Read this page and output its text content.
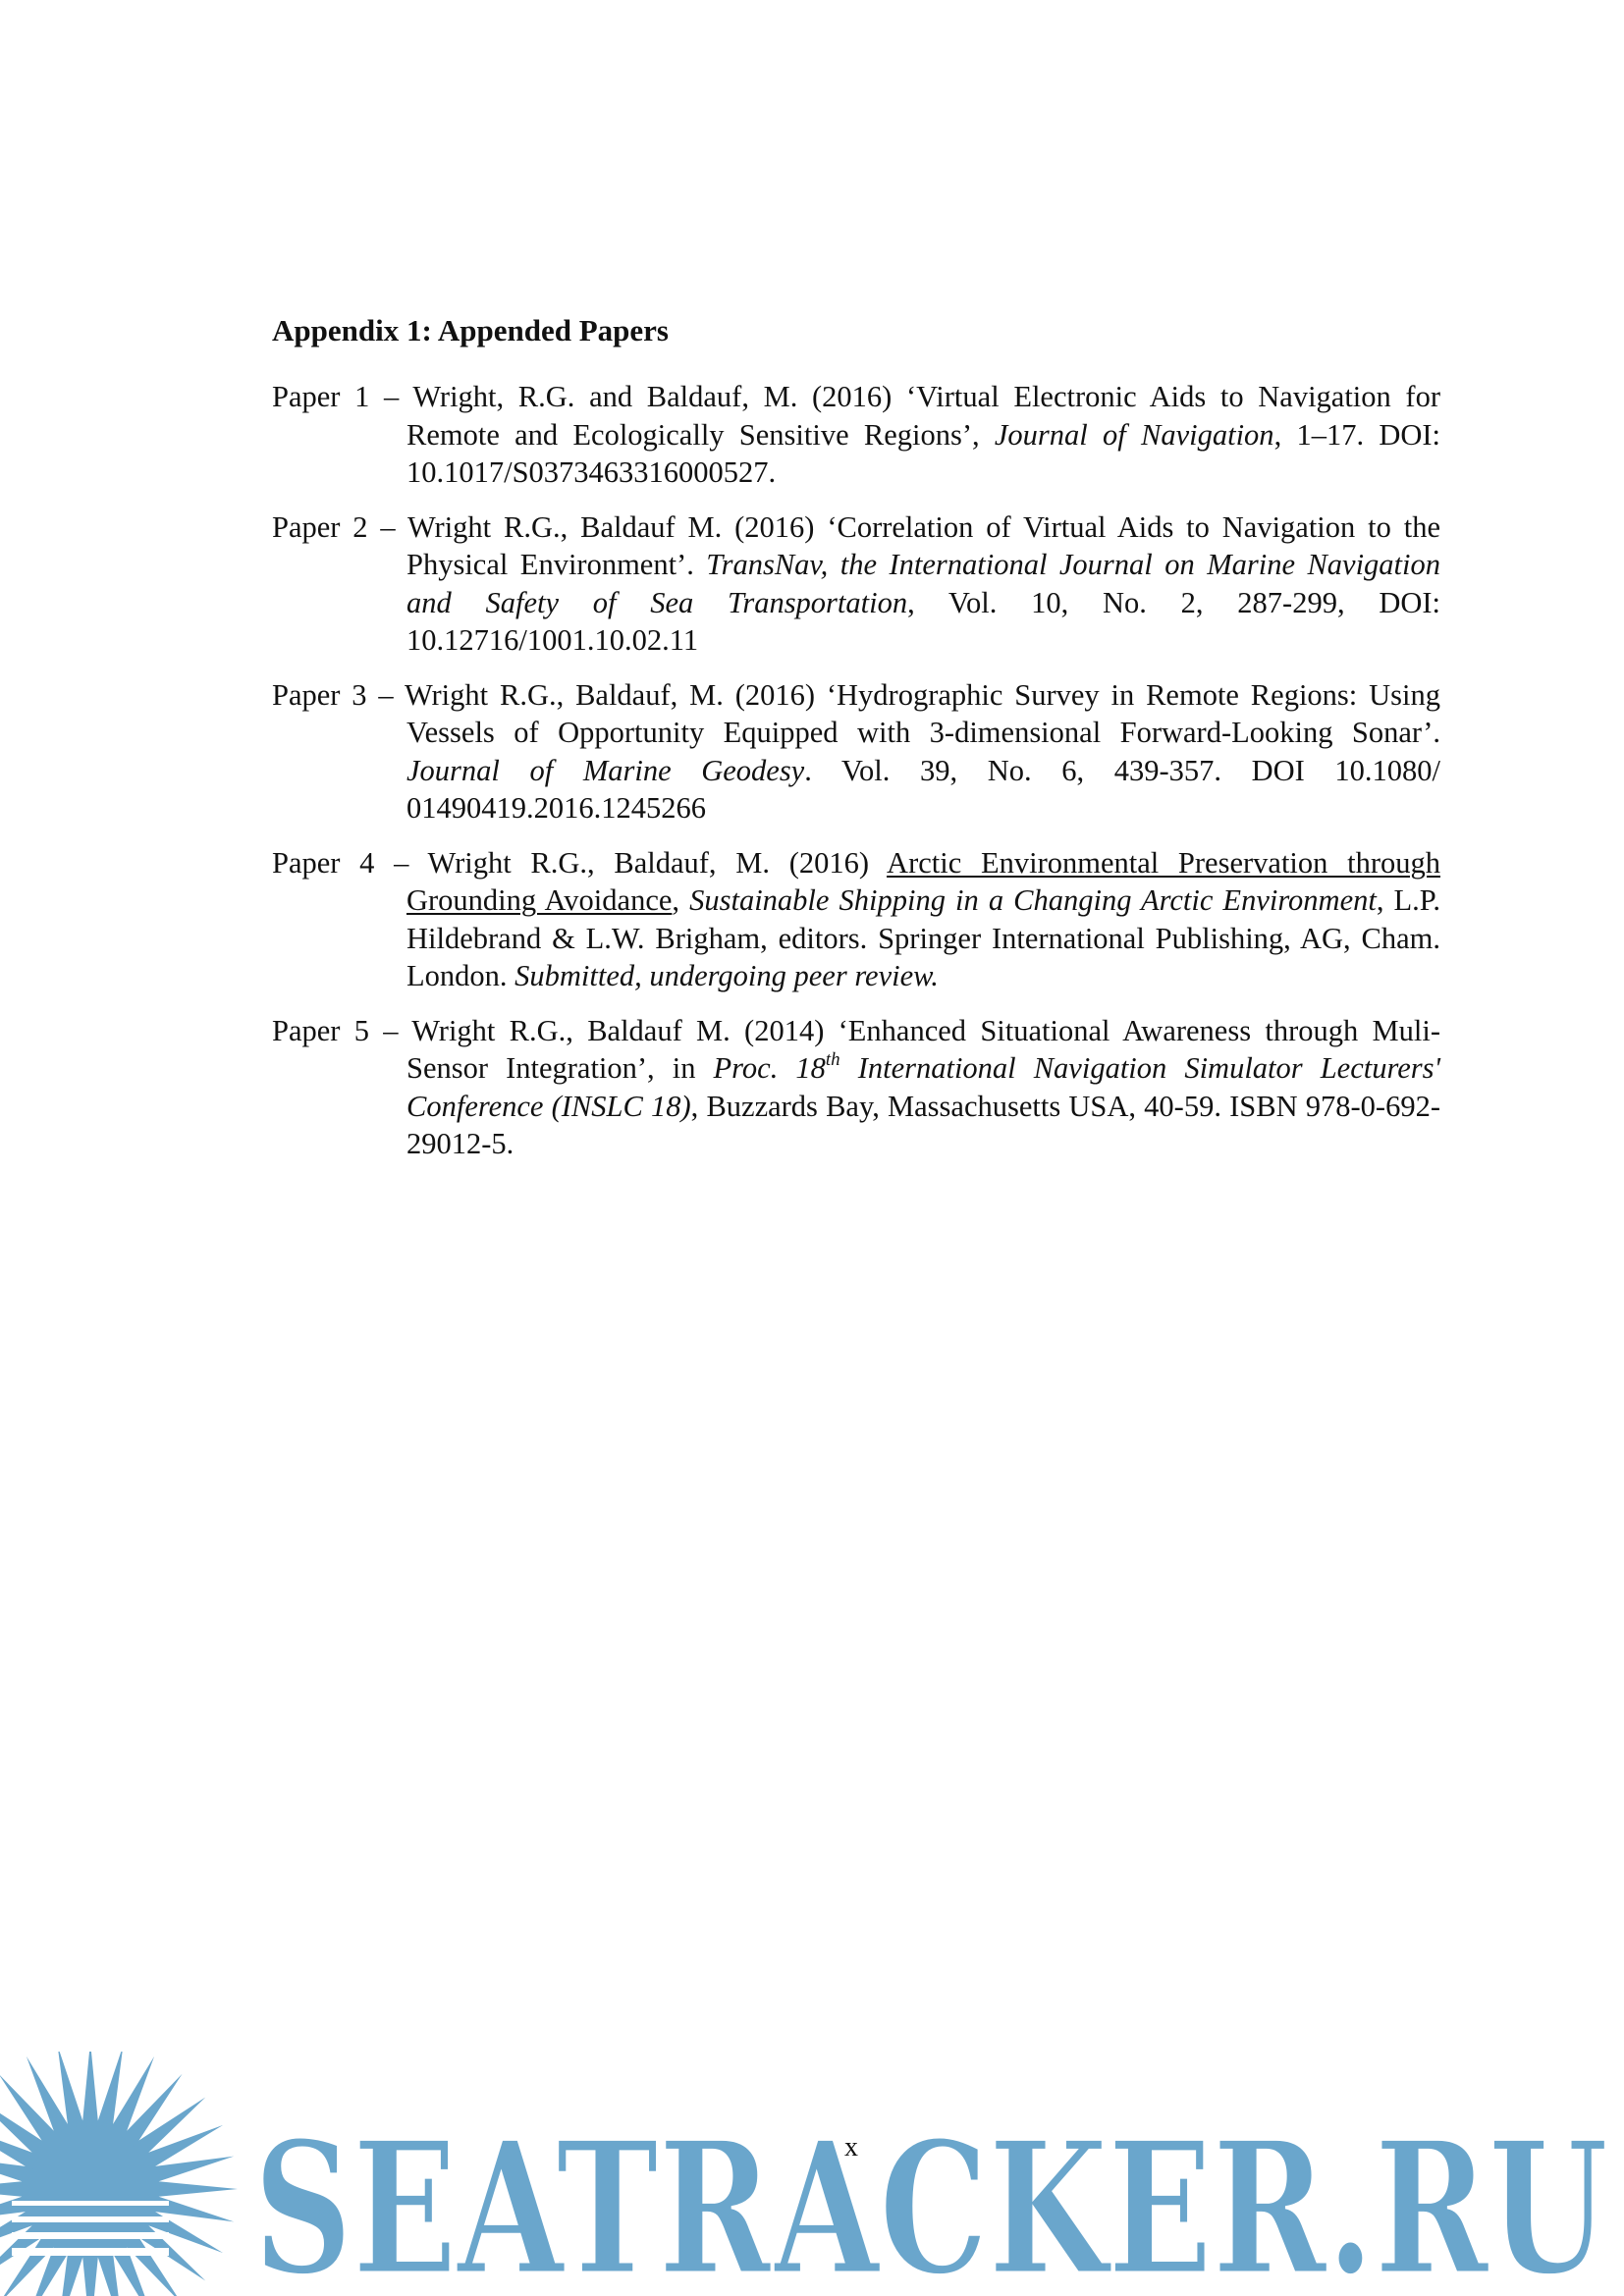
Appendix 1: Appended Papers

Paper 1 – Wright, R.G. and Baldauf, M. (2016) ‘Virtual Electronic Aids to Navigation for Remote and Ecologically Sensitive Regions’, Journal of Navigation, 1–17. DOI: 10.1017/S0373463316000527.

Paper 2 – Wright R.G., Baldauf M. (2016) ‘Correlation of Virtual Aids to Navigation to the Physical Environment’. TransNav, the International Journal on Marine Navigation and Safety of Sea Transportation, Vol. 10, No. 2, 287-299, DOI: 10.12716/1001.10.02.11

Paper 3 – Wright R.G., Baldauf, M. (2016) ‘Hydrographic Survey in Remote Regions: Using Vessels of Opportunity Equipped with 3-dimensional Forward-Looking Sonar’. Journal of Marine Geodesy. Vol. 39, No. 6, 439-357. DOI 10.1080/ 01490419.2016.1245266

Paper 4 – Wright R.G., Baldauf, M. (2016) Arctic Environmental Preservation through Grounding Avoidance, Sustainable Shipping in a Changing Arctic Environment, L.P. Hildebrand & L.W. Brigham, editors. Springer International Publishing, AG, Cham. London. Submitted, undergoing peer review.

Paper 5 – Wright R.G., Baldauf M. (2014) ‘Enhanced Situational Awareness through Muli-Sensor Integration’, in Proc. 18th International Navigation Simulator Lecturers' Conference (INSLC 18), Buzzards Bay, Massachusetts USA, 40-59. ISBN 978-0-692-29012-5.

SEATRACKER.RU
x
